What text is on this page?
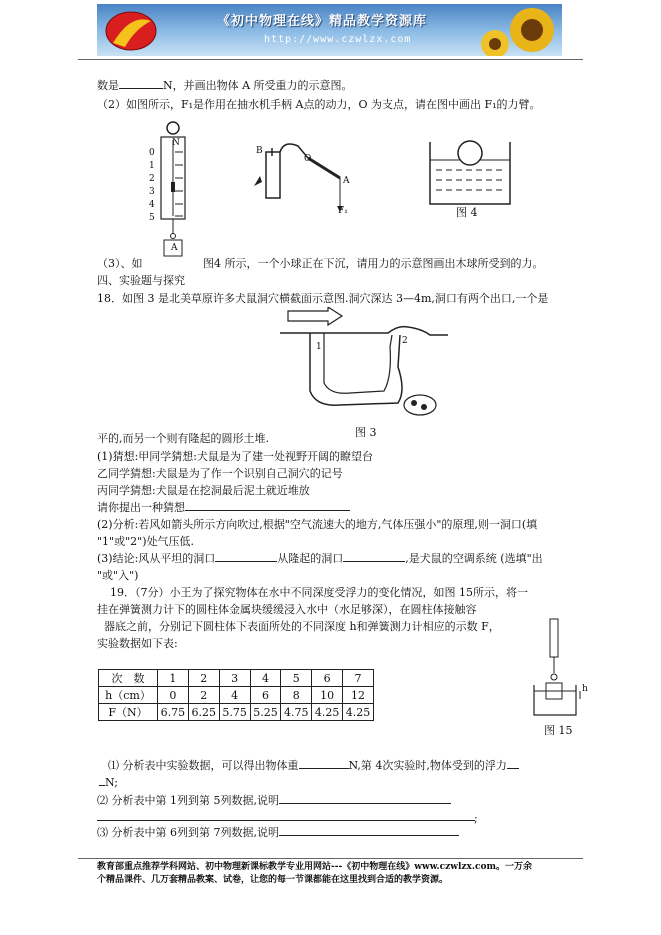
《初中物理在线》精品教学资源库
http://www.czwlzx.com
数是	N，并画出物体 A 所受重力的示意图。
（2）如图所示，F₁是作用在抽水机手柄 A点的动力，O 为支点，请在图中画出 F₁的力臂。
N
0
1
2
3
4
5
A
B
O
A
F₁	图 4
（3）、如	图4 所示，一个小球正在下沉，请用力的示意图画出木球所受到的力。
四、实验题与探究
18．如图 3 是北美草原许多犬鼠洞穴横截面示意图.洞穴深达 3—4m,洞口有两个出口,一个是
1
2
图 3
平的,而另一个则有隆起的圆形土堆.
(1)猜想:甲同学猜想:犬鼠是为了建一处视野开阔的瞭望台
乙同学猜想:犬鼠是为了作一个识别自己洞穴的记号
丙同学猜想:犬鼠是在挖洞最后泥土就近堆放
请你提出一种猜想
(2)分析:若风如箭头所示方向吹过,根据"空气流速大的地方,气体压强小"的原理,则一洞口(填
"1"或"2")处气压低.
(3)结论:风从平坦的洞口	从隆起的洞口	,是犬鼠的空调系统 (选填"出
"或"入")
19．（7分）小王为了探究物体在水中不同深度受浮力的变化情况，如图 15所示，将一
挂在弹簧测力计下的圆柱体金属块缓缓浸入水中（水足够深），在圆柱体接触容
器底之前，分别记下圆柱体下表面所处的不同深度 h和弹簧测力计相应的示数 F，
实验数据如下表:
h
图 15
次　数	1	2	3	4	5	6	7
h（cm）	0	2	4	6	8	10	12
F（N）	6.75	6.25	5.75	5.25	4.75	4.25	4.25
⑴ 分析表中实验数据，可以得出物体重	N,第 4次实验时,物体受到的浮力
N;
⑵ 分析表中第 1列到第 5列数据,说明
;
⑶ 分析表中第 6列到第 7列数据,说明
教育部重点推荐学科网站、初中物理新课标教学专业用网站---《初中物理在线》www.czwlzx.com。一万余
个精品课件、几万套精品教案、试卷，让您的每一节课都能在这里找到合适的教学资源。
